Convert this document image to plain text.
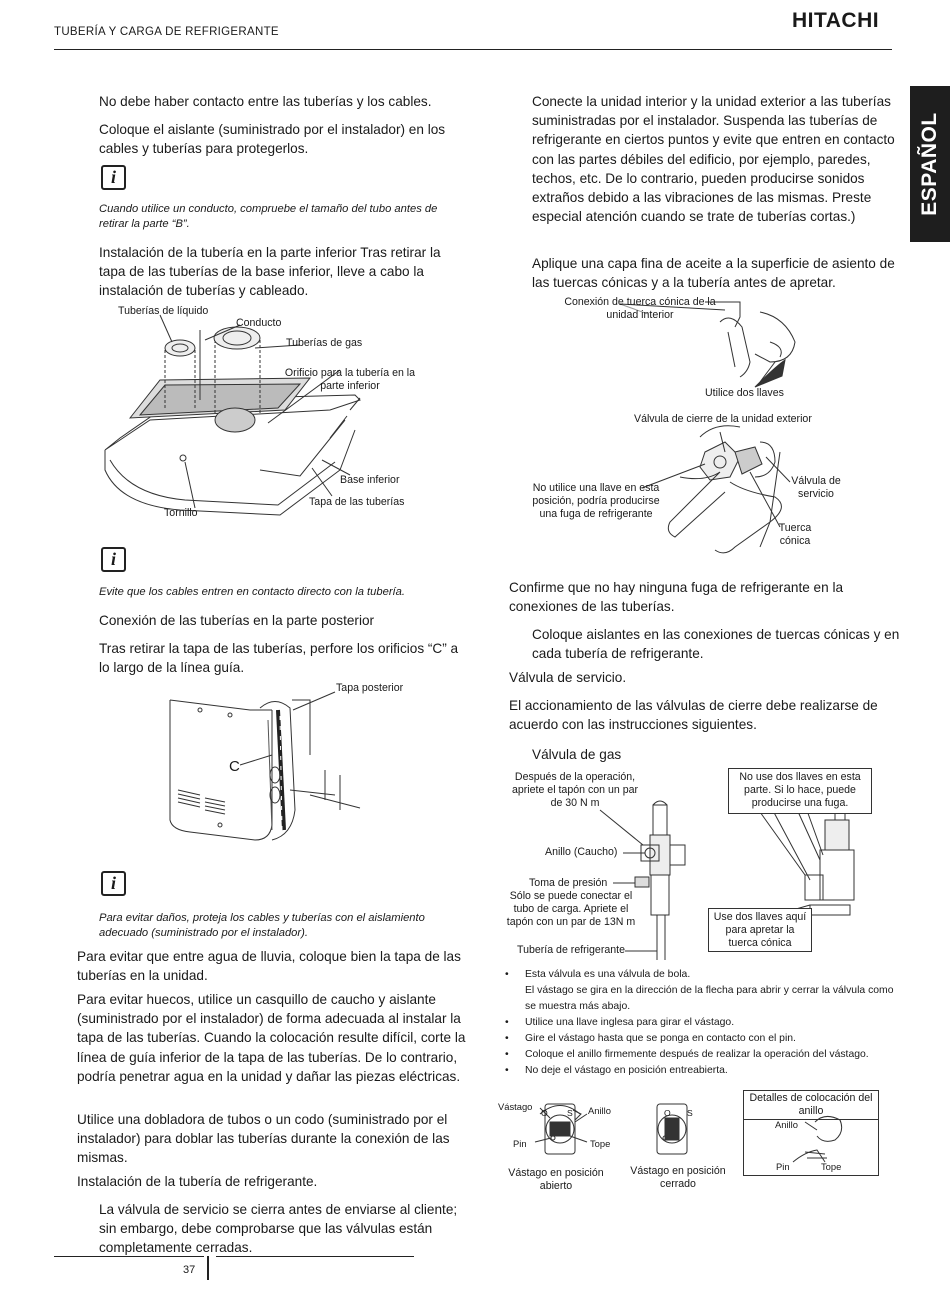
TUBERÍA Y CARGA DE REFRIGERANTE	HITACHI
ESPAÑOL

No debe haber contacto entre las tuberías y los cables.

Coloque el aislante (suministrado por el instalador) en los cables y tuberías para protegerlos.

i

Cuando utilice un conducto, compruebe el tamaño del tubo antes de retirar la parte “B”.

Instalación de la tubería en la parte inferior Tras retirar la tapa de las tuberías de la base inferior, lleve a cabo la instalación de tuberías y cableado.

Tuberías de líquido
Conducto
Tuberías de gas
Orificio para la tubería en la parte inferior
Base inferior
Tapa de las tuberías
Tornillo
i

Evite que los cables entren en contacto directo con la tubería.

Conexión de las tuberías en la parte posterior

Tras retirar la tapa de las tuberías, perfore los orificios “C” a lo largo de la línea guía.

Tapa posterior
C
i

Para evitar daños, proteja los cables y tuberías con el aislamiento adecuado (suministrado por el instalador).

Para evitar que entre agua de lluvia, coloque bien la tapa de las tuberías en la unidad.

Para evitar huecos, utilice un casquillo de caucho y aislante (suministrado por el instalador) de forma adecuada al instalar la tapa de las tuberías. Cuando la colocación resulte difícil, corte la línea de guía inferior de la tapa de las tuberías. De lo contrario, podría penetrar agua en la unidad y dañar las piezas eléctricas.

Utilice una dobladora de tubos o un codo (suministrado por el instalador) para doblar las tuberías durante la conexión de las mismas.

Instalación de la tubería de refrigerante.

La válvula de servicio se cierra antes de enviarse al cliente; sin embargo, debe comprobarse que las válvulas están completamente cerradas.

Conecte la unidad interior y la unidad exterior a las tuberías suministradas por el instalador. Suspenda las tuberías de refrigerante en ciertos puntos y evite que entren en contacto con las partes débiles del edificio, por ejemplo, paredes, techos, etc. De lo contrario, pueden producirse sonidos extraños debido a las vibraciones de las mismas. Preste especial atención cuando se trate de tuberías cortas.)

Aplique una capa fina de aceite a la superficie de asiento de las tuercas cónicas y a la tubería antes de apretar.

Conexión de tuerca cónica de la unidad interior
Utilice dos llaves
Válvula de cierre de la unidad exterior
No utilice una llave en esta posición, podría producirse una fuga de refrigerante
Válvula de servicio
Tuerca cónica

Confirme que no hay ninguna fuga de refrigerante en la conexiones de las tuberías.

Coloque aislantes en las conexiones de tuercas cónicas y en cada tubería de refrigerante.

Válvula de servicio.

El accionamiento de las válvulas de cierre debe realizarse de acuerdo con las instrucciones siguientes.

Válvula de gas

Después de la operación, apriete el tapón con un par de 30 N m
Anillo (Caucho)
Toma de presión
Sólo se puede conectar el tubo de carga. Apriete el tapón con un par de 13N m
Tubería de refrigerante
No use dos llaves en esta parte. Si lo hace, puede producirse una fuga.
Use dos llaves aquí para apretar la tuerca cónica
• Esta válvula es una válvula de bola.
El vástago se gira en la dirección de la flecha para abrir y cerrar la válvula como se muestra más abajo.
• Utilice una llave inglesa para girar el vástago.
• Gire el vástago hasta que se ponga en contacto con el pin.
• Coloque el anillo firmemente después de realizar la operación del vástago.
• No deje el vástago en posición entreabierta.
Vástago	Anillo
O S
Pin	Tope
O S
Vástago en posición abierto
Vástago en posición cerrado
Detalles de colocación del anillo
Anillo
Pin	Tope
37
